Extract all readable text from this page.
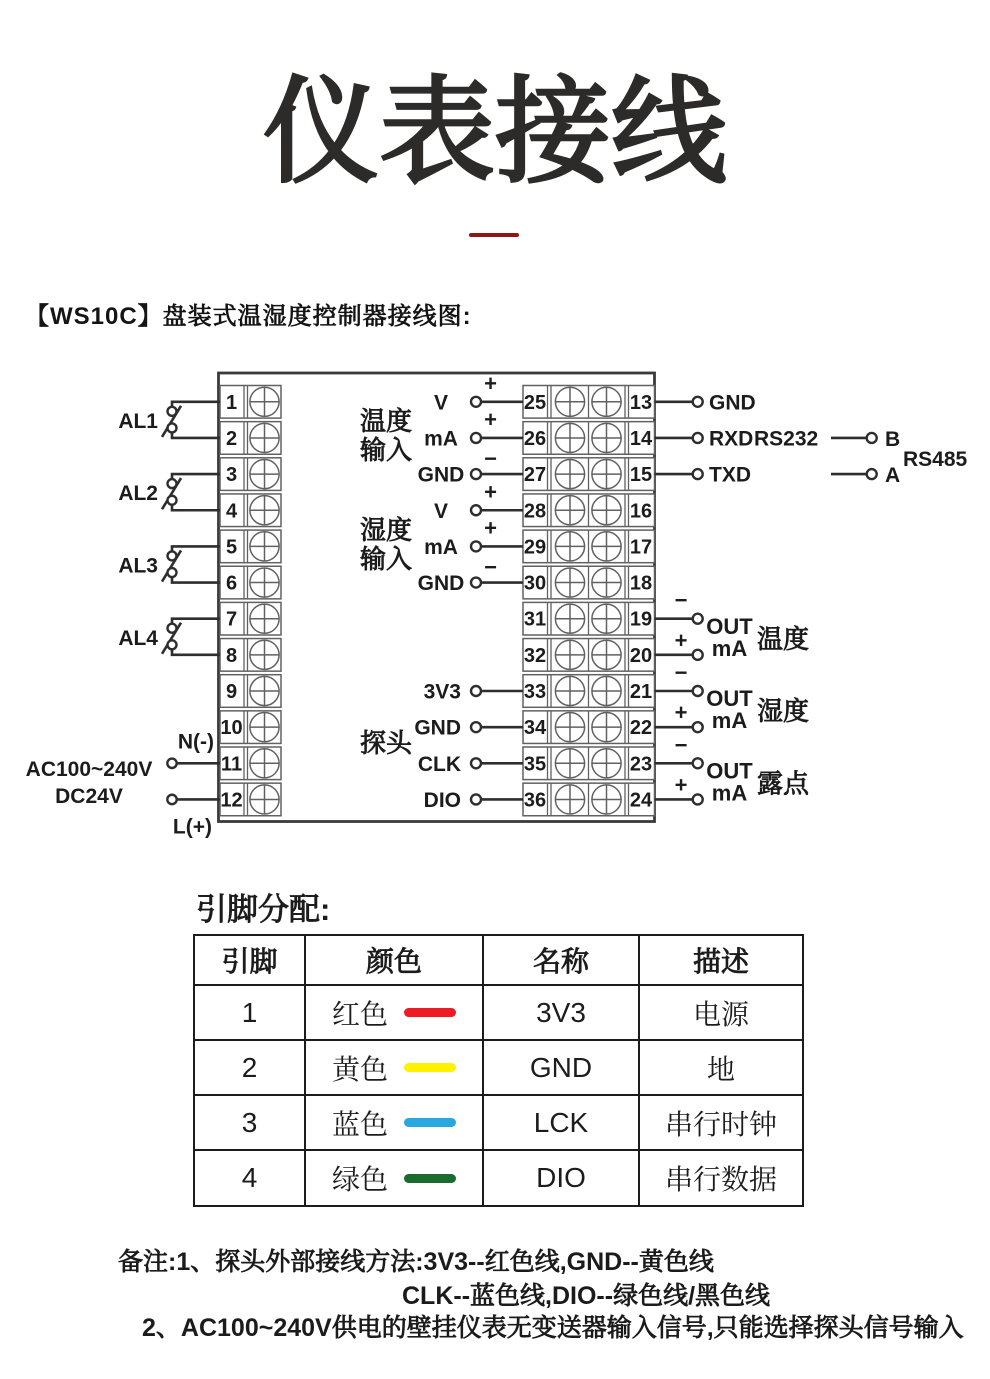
仪表接线
【WS10C】盘装式温湿度控制器接线图:
1
2
3
4
5
6
7
8
9
10
11
12
25	13
26	14
27	15
28	16
29	17
30	18
31	19
32	20
33	21
34	22
35	23
36	24
AL1
AL2
AL3
AL4
N(-)
L(+)
AC100~240V
DC24V
温度
输入
V
+
mA
+
GND
−
湿度
输入
V
+
mA
+
GND
−
探头
3V3
GND
CLK
DIO
GND
RXD
TXD
RS232	B
A
RS485
−
+
OUT
mA 温度
−
+
OUT
mA 湿度
−
+
OUT
mA 露点
引脚分配:
引脚	颜色	名称	描述
1	红色	3V3	电源
2	黄色	GND	地
3	蓝色	LCK	串行时钟
4	绿色	DIO	串行数据
备注:1、探头外部接线方法:3V3--红色线,GND--黄色线
CLK--蓝色线,DIO--绿色线/黑色线
2、AC100~240V供电的壁挂仪表无变送器输入信号,只能选择探头信号输入
